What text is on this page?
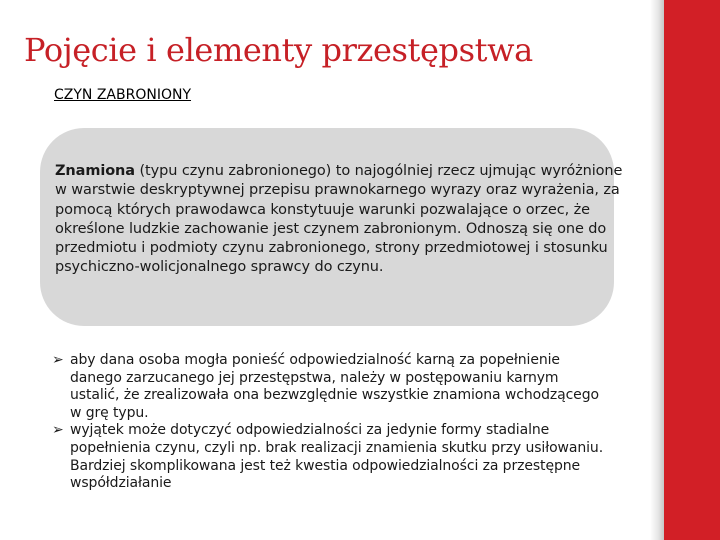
Pojęcie i elementy przestępstwa
CZYN ZABRONIONY

Znamiona (typu czynu zabronionego) to najogólniej rzecz ujmując wyróżnione w warstwie deskryptywnej przepisu prawnokarnego wyrazy oraz wyrażenia, za pomocą których prawodawca konstytuuje warunki pozwalające o orzec, że określone ludzkie zachowanie jest czynem zabronionym. Odnoszą się one do przedmiotu i podmioty czynu zabronionego, strony przedmiotowej i stosunku psychiczno-wolicjonalnego sprawcy do czynu.

➢ aby dana osoba mogła ponieść odpowiedzialność karną za popełnienie danego zarzucanego jej przestępstwa, należy w postępowaniu karnym ustalić, że zrealizowała ona bezwzględnie wszystkie znamiona wchodzącego w grę typu.
➢ wyjątek może dotyczyć odpowiedzialności za jedynie formy stadialne popełnienia czynu, czyli np. brak realizacji znamienia skutku przy usiłowaniu. Bardziej skomplikowana jest też kwestia odpowiedzialności za przestępne współdziałanie
